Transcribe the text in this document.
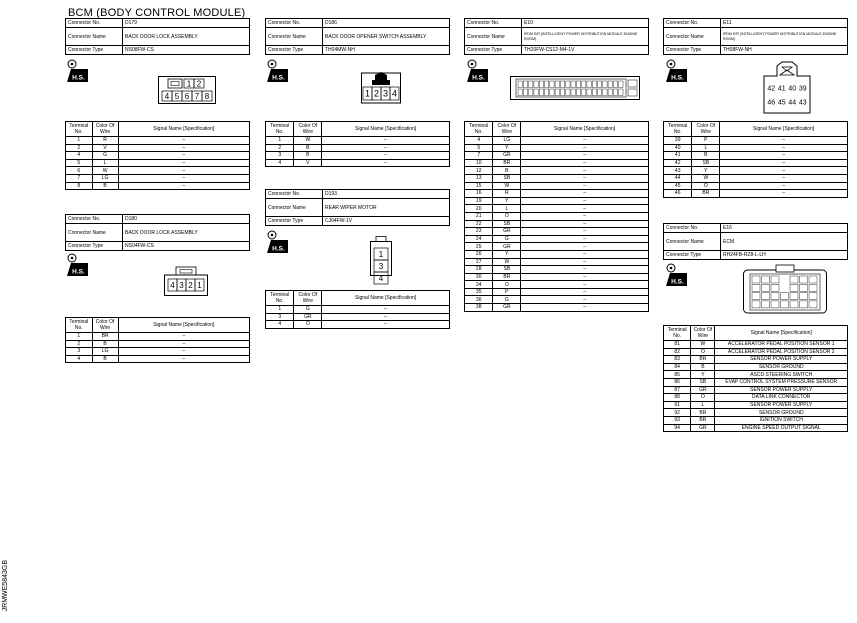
BCM (BODY CONTROL MODULE)
Connector No.	D179
Connector Name	BACK DOOR LOCK ASSEMBLY
Connector Type	NS08FW-CS
H.S.
1 2
4 5 6 7 8
Terminal No.	Color Of Wire	Signal Name [Specification]
1	R	–
2	V	–
4	G	–
5	L	–
6	W	–
7	LG	–
8	B	–
Connector No.	D180
Connector Name	BACK DOOR LOCK ASSEMBLY
Connector Type	NS04FW-CS
H.S.
4 3 2 1
Terminal No.	Color Of Wire	Signal Name [Specification]
1	BR	–
2	B	–
3	LG	–
4	B	–
Connector No.	D186
Connector Name	BACK DOOR OPENER SWITCH ASSEMBLY
Connector Type	TH04MW-NH
H.S.
1 2 3 4
Terminal No.	Color Of Wire	Signal Name [Specification]
1	W	–
2	B	–
3	B	–
4	V	–
Connector No.	D193
Connector Name	REAR WIPER MOTOR
Connector Type	CJ04FW-1V
H.S.
1
3
4
Terminal No.	Color Of Wire	Signal Name [Specification]
1	G	–
3	GR	–
4	O	–
Connector No.	E10
Connector Name	IPDM E/R (INTELLIGENT POWER DISTRIBUTION MODULE ENGINE ROOM)

Connector Type	TH20FW-CS12-M4-1V
H.S.
Terminal No.	Color Of Wire	Signal Name [Specification]
4	LG	–
5	Y	–
7	GR	–
10	BR	–
12	B	–
13	SB	–
15	W	–
16	R	–
19	Y	–
20	L	–
21	O	–
22	SB	–
23	GR	–
24	G	–
25	GR	–
26	Y	–
27	W	–
28	SB	–
30	BR	–
34	O	–
35	P	–
36	G	–
38	GR	–
Connector No.	E11
Connector Name	IPDM E/R (INTELLIGENT POWER DISTRIBUTION MODULE ENGINE ROOM)

Connector Type	TH08FW-NH
H.S.
42 41 40 39
46 45 44 43
Terminal No.	Color Of Wire	Signal Name [Specification]
39	P	–
40	L	–
41	B	–
42	SB	–
43	Y	–
44	W	–
45	O	–
46	BR	–
Connector No.	E16
Connector Name	ECM
Connector Type	RH24FB-RZ8-L-LH
H.S.
Terminal No.	Color Of Wire	Signal Name [Specification]
81	W	ACCELERATOR PEDAL POSITION SENSOR 1
82	O	ACCELERATOR PEDAL POSITION SENSOR 2
83	BR	SENSOR POWER SUPPLY
84	B	SENSOR GROUND
85	Y	ASCD STEERING SWITCH
86	SB	EVAP CONTROL SYSTEM PRESSURE SENSOR
87	GR	SENSOR POWER SUPPLY
88	O	DATA LINK CONNECTOR
91	L	SENSOR POWER SUPPLY
92	BR	SENSOR GROUND
93	BR	IGNITION SWITCH
94	GR	ENGINE SPEED OUTPUT SIGNAL
JRMWE5843GB
